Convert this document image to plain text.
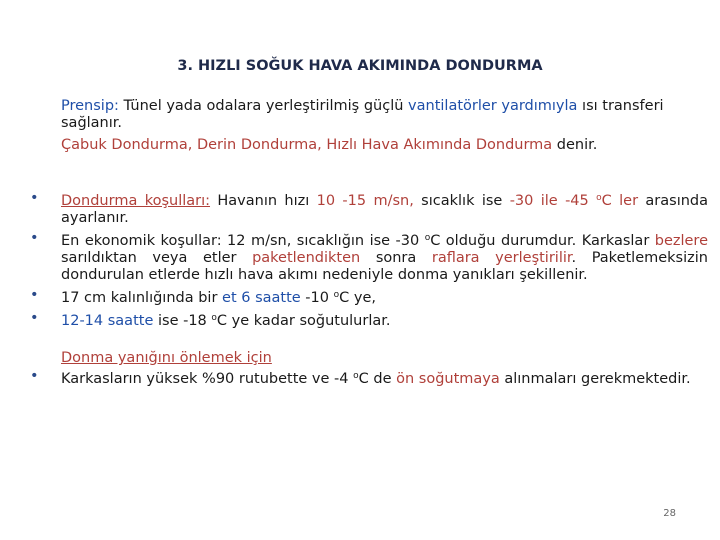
3. HIZLI SOĞUK HAVA AKIMINDA DONDURMA

Prensip: Tünel yada odalara yerleştirilmiş güçlü vantilatörler yardımıyla ısı transferi sağlanır.

Çabuk Dondurma, Derin Dondurma, Hızlı Hava Akımında Dondurma denir.

• Dondurma koşulları: Havanın hızı 10 -15 m/sn, sıcaklık ise -30 ile -45 $^o$C ler arasında ayarlanır.
• En ekonomik koşullar: 12 m/sn, sıcaklığın ise -30 $^o$C olduğu durumdur. Karkaslar bezlere sarıldıktan veya etler paketlendikten sonra raflara yerleştirilir. Paketlemeksizin dondurulan etlerde hızlı hava akımı nedeniyle donma yanıkları şekillenir.
• 17 cm kalınlığında bir et 6 saatte -10 $^o$C ye,
• 12-14 saatte ise -18 $^o$C ye kadar soğutulurlar.
Donma yanığını önlemek için
• Karkasların yüksek %90 rutubette ve -4 $^o$C de ön soğutmaya alınmaları gerekmektedir.
28
